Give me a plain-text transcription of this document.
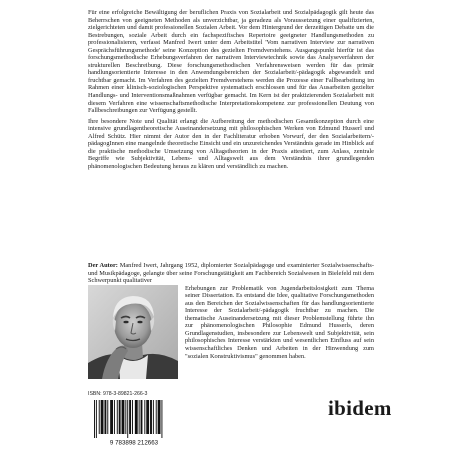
Für eine erfolgreiche Bewältigung der beruflichen Praxis von Sozialarbeit und Sozialpädagogik gilt heute das Beherrschen von geeigneten Methoden als unverzichtbar, ja geradezu als Voraussetzung einer qualifizierten, zielgerichteten und damit professionellen Sozialen Arbeit. Vor dem Hintergrund der derzeitigen Debatte um die Bestrebungen, soziale Arbeit durch ein fachspezifisches Repertoire geeigneter Handlungsmethoden zu professionalisieren, verfasst Manfred Iwert unter dem Arbeitstitel 'Vom narrativen Interview zur narrativen Gesprächsführungsmethode' seine Konzeption des gezielten Fremdverstehens. Ausgangspunkt hierfür ist das forschungsmethodische Erhebungsverfahren der narrativen Interviewtechnik sowie das Analyseverfahren der strukturellen Beschreibung. Diese forschungsmethodischen Verfahrensweisen werden für das primär handlungsorientierte Interesse in den Anwendungsbereichen der Sozialarbeit/-pädagogik abgewandelt und fruchtbar gemacht. Im Verfahren des gezielten Fremdverstehens werden die Prozesse einer Fallbearbeitung im Rahmen einer klinisch-soziologischen Perspektive systematisch erschlossen und für das Ausarbeiten gezielter Handlungs- und Interventionsmaßnahmen verfügbar gemacht. Im Kern ist der praktizierenden Sozialarbeit mit diesem Verfahren eine wissenschaftsmethodische Interpretationskompetenz zur professionellen Deutung von Fallbeschreibungen zur Verfügung gestellt.

Ihre besondere Note und Qualität erlangt die Aufbereitung der methodischen Gesamtkonzeption durch eine intensive grundlagentheoretische Auseinandersetzung mit philosophischen Werken von Edmund Husserl und Alfred Schütz. Hier nimmt der Autor den in der Fachliteratur erhoben Vorwurf, der den Sozialarbeitern/-pädagogInnen eine mangelnde theoretische Einsicht und ein unzureichendes Verständnis gerade im Hinblick auf die praktische methodische Umsetzung von Alltagstheorien in der Praxis attestiert, zum Anlass, zentrale Begriffe wie Subjektivität, Lebens- und Alltagswelt aus dem Verständnis ihrer grundlegenden phänomenologischen Bedeutung heraus zu klären und verständlich zu machen.

Der Autor: Manfred Iwert, Jahrgang 1952, diplomierter Sozialpädagoge und examinierter Sozialwissenschafts- und Musikpädagoge, gelangte über seine Forschungstätigkeit am Fachbereich Sozialwesen in Bielefeld mit dem Schwerpunkt qualitativer

Erhebungen zur Problematik von Jugendarbeitslosigkeit zum Thema seiner Dissertation. Es entstand die Idee, qualitative Forschungsmethoden aus den Bereichen der Sozialwissenschaften für das handlungsorientierte Interesse der Sozialarbeit/-pädagogik fruchtbar zu machen. Die thematische Auseinandersetzung mit dieser Problemstellung führte ihn zur phänomenologischen Philosophie Edmund Husserls, deren Grundlagenstudien, insbesondere zur Lebenswelt und Subjektivität, sein philosophisches Interesse verstärkten und wesentlichen Einfluss auf sein wissenschaftliches Denken und Arbeiten in der Hinwendung zum "sozialen Konstruktivismus" genommen haben.

ISBN: 978-3-89821-266-3
9 783898 212663
ibidem
